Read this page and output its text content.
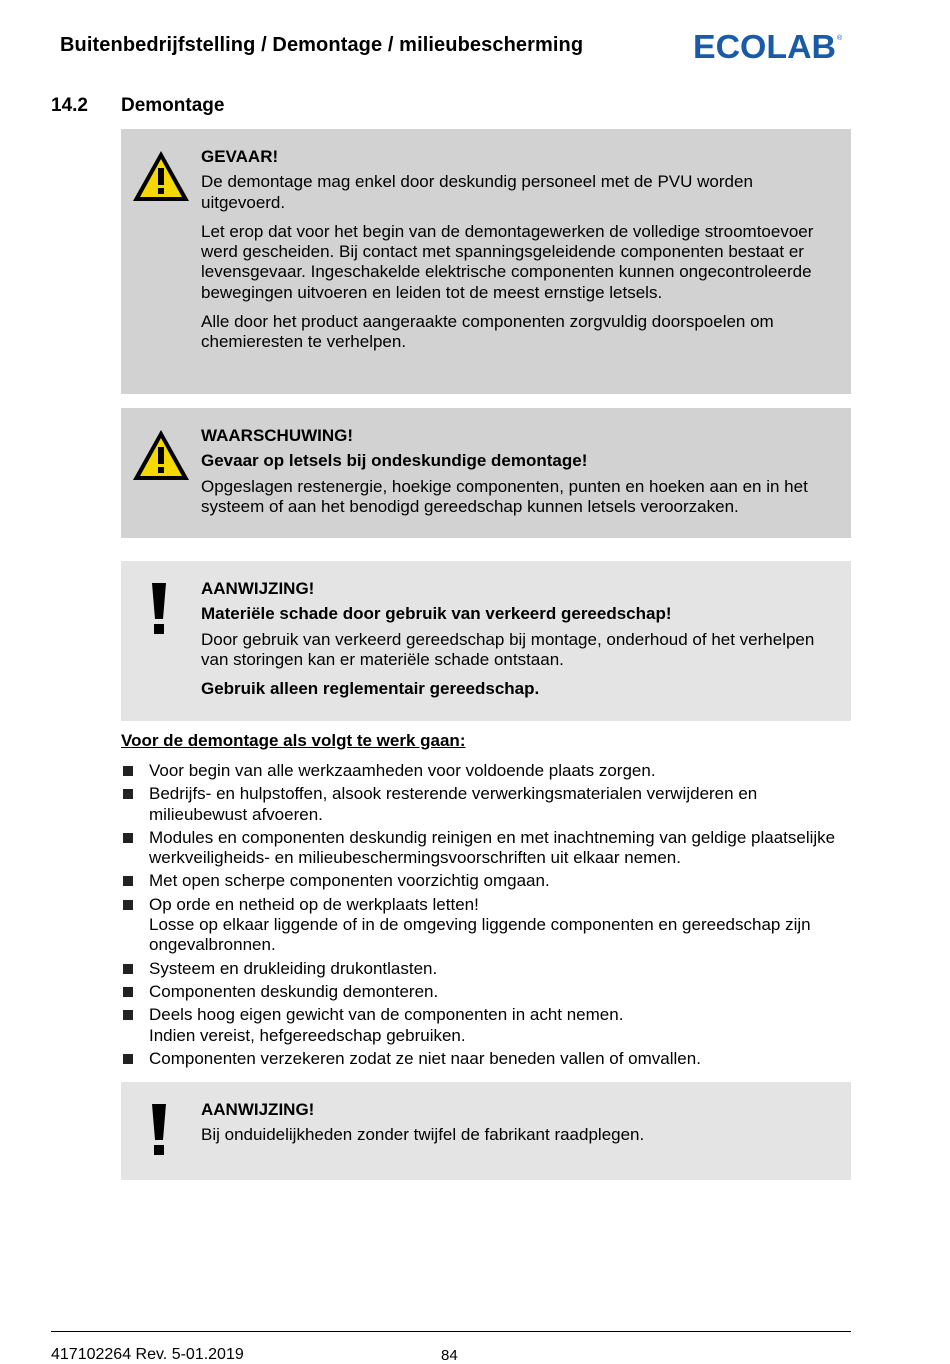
Buitenbedrijfstelling / Demontage / milieubescherming	ECOLAB ®
14.2 Demontage

GEVAAR!

De demontage mag enkel door deskundig personeel met de PVU worden uitgevoerd.

Let erop dat voor het begin van de demontagewerken de volledige stroomtoevoer werd gescheiden. Bij contact met spanningsgeleidende componenten bestaat er levensgevaar. Ingeschakelde elektrische componenten kunnen ongecontroleerde bewegingen uitvoeren en leiden tot de meest ernstige letsels.

Alle door het product aangeraakte componenten zorgvuldig doorspoelen om chemieresten te verhelpen.

WAARSCHUWING!

Gevaar op letsels bij ondeskundige demontage!

Opgeslagen restenergie, hoekige componenten, punten en hoeken aan en in het systeem of aan het benodigd gereedschap kunnen letsels veroorzaken.

AANWIJZING!

Materiële schade door gebruik van verkeerd gereedschap!

Door gebruik van verkeerd gereedschap bij montage, onderhoud of het verhelpen van storingen kan er materiële schade ontstaan.

Gebruik alleen reglementair gereedschap.

Voor de demontage als volgt te werk gaan:
Voor begin van alle werkzaamheden voor voldoende plaats zorgen.
Bedrijfs- en hulpstoffen, alsook resterende verwerkingsmaterialen verwijderen en milieubewust afvoeren.
Modules en componenten deskundig reinigen en met inachtneming van geldige plaatselijke werkveiligheids- en milieubeschermingsvoorschriften uit elkaar nemen.
Met open scherpe componenten voorzichtig omgaan.
Op orde en netheid op de werkplaats letten!
Losse op elkaar liggende of in de omgeving liggende componenten en gereedschap zijn ongevalbronnen.
Systeem en drukleiding drukontlasten.
Componenten deskundig demonteren.
Deels hoog eigen gewicht van de componenten in acht nemen.
Indien vereist, hefgereedschap gebruiken.
Componenten verzekeren zodat ze niet naar beneden vallen of omvallen.

AANWIJZING!

Bij onduidelijkheden zonder twijfel de fabrikant raadplegen.

417102264 Rev. 5-01.2019	84
